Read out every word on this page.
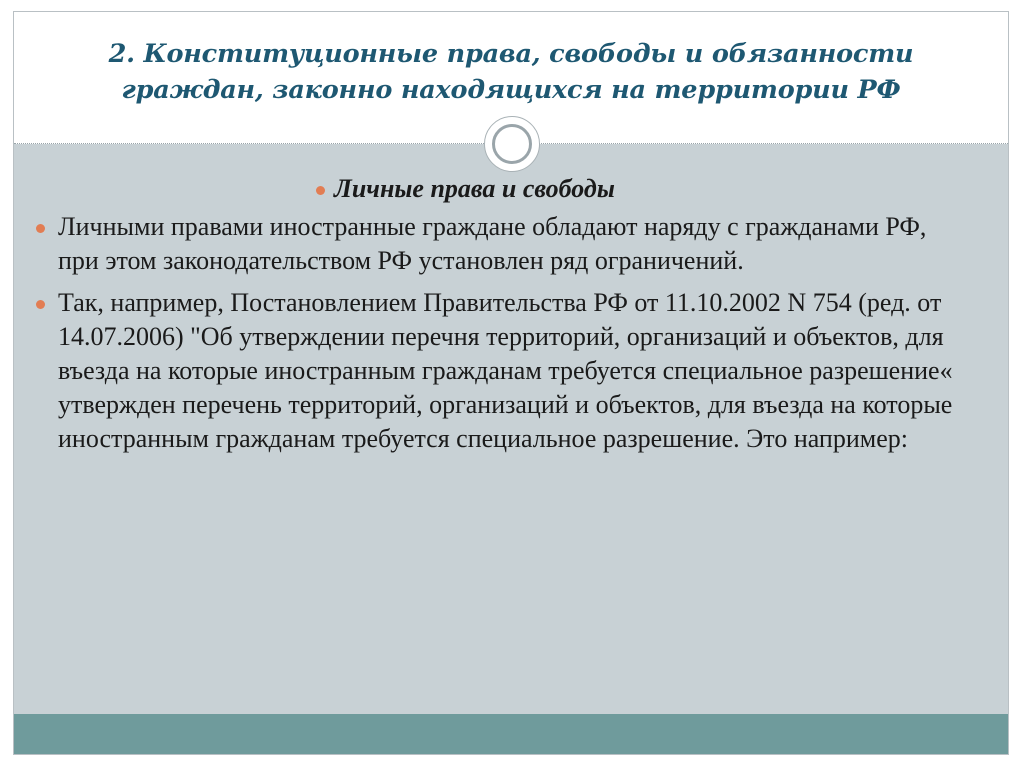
2. Конституционные права, свободы и обязанности граждан, законно находящихся на территории РФ
Личные права и свободы
Личными правами иностранные граждане обладают наряду с гражданами РФ, при этом законодательством РФ установлен ряд ограничений.
Так, например, Постановлением Правительства РФ от 11.10.2002 N 754 (ред. от 14.07.2006) "Об утверждении перечня территорий, организаций и объектов, для въезда на которые иностранным гражданам требуется специальное разрешение« утвержден перечень территорий, организаций и объектов, для въезда на которые иностранным гражданам требуется специальное разрешение. Это например:
